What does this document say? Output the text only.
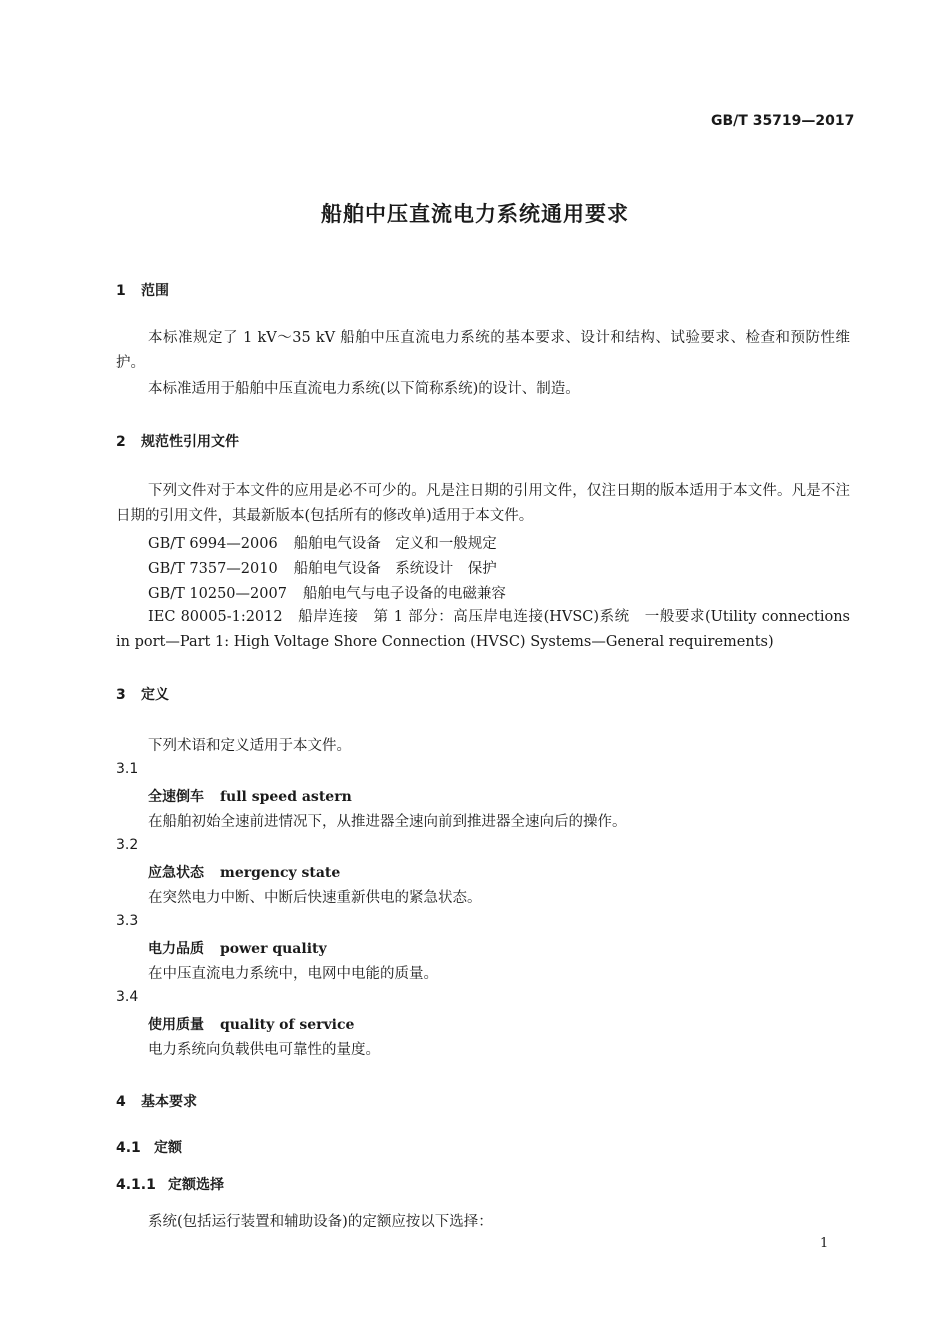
GB/T 35719—2017
船舶中压直流电力系统通用要求
1 范围
本标准规定了 1 kV～35 kV 船舶中压直流电力系统的基本要求、设计和结构、试验要求、检查和预防性维护。
本标准适用于船舶中压直流电力系统(以下简称系统)的设计、制造。
2 规范性引用文件
下列文件对于本文件的应用是必不可少的。凡是注日期的引用文件，仅注日期的版本适用于本文件。凡是不注日期的引用文件，其最新版本(包括所有的修改单)适用于本文件。
GB/T 6994—2006 船舶电气设备　定义和一般规定
GB/T 7357—2010 船舶电气设备　系统设计　保护
GB/T 10250—2007 船舶电气与电子设备的电磁兼容
IEC 80005-1:2012　船岸连接　第 1 部分：高压岸电连接(HVSC)系统　一般要求(Utility connections in port—Part 1: High Voltage Shore Connection (HVSC) Systems—General requirements)
3 定义
下列术语和定义适用于本文件。
3.1
全速倒车 full speed astern
在船舶初始全速前进情况下，从推进器全速向前到推进器全速向后的操作。
3.2
应急状态 mergency state
在突然电力中断、中断后快速重新供电的紧急状态。
3.3
电力品质 power quality
在中压直流电力系统中，电网中电能的质量。
3.4
使用质量 quality of service
电力系统向负载供电可靠性的量度。
4 基本要求
4.1 定额
4.1.1 定额选择
系统(包括运行装置和辅助设备)的定额应按以下选择：
1
